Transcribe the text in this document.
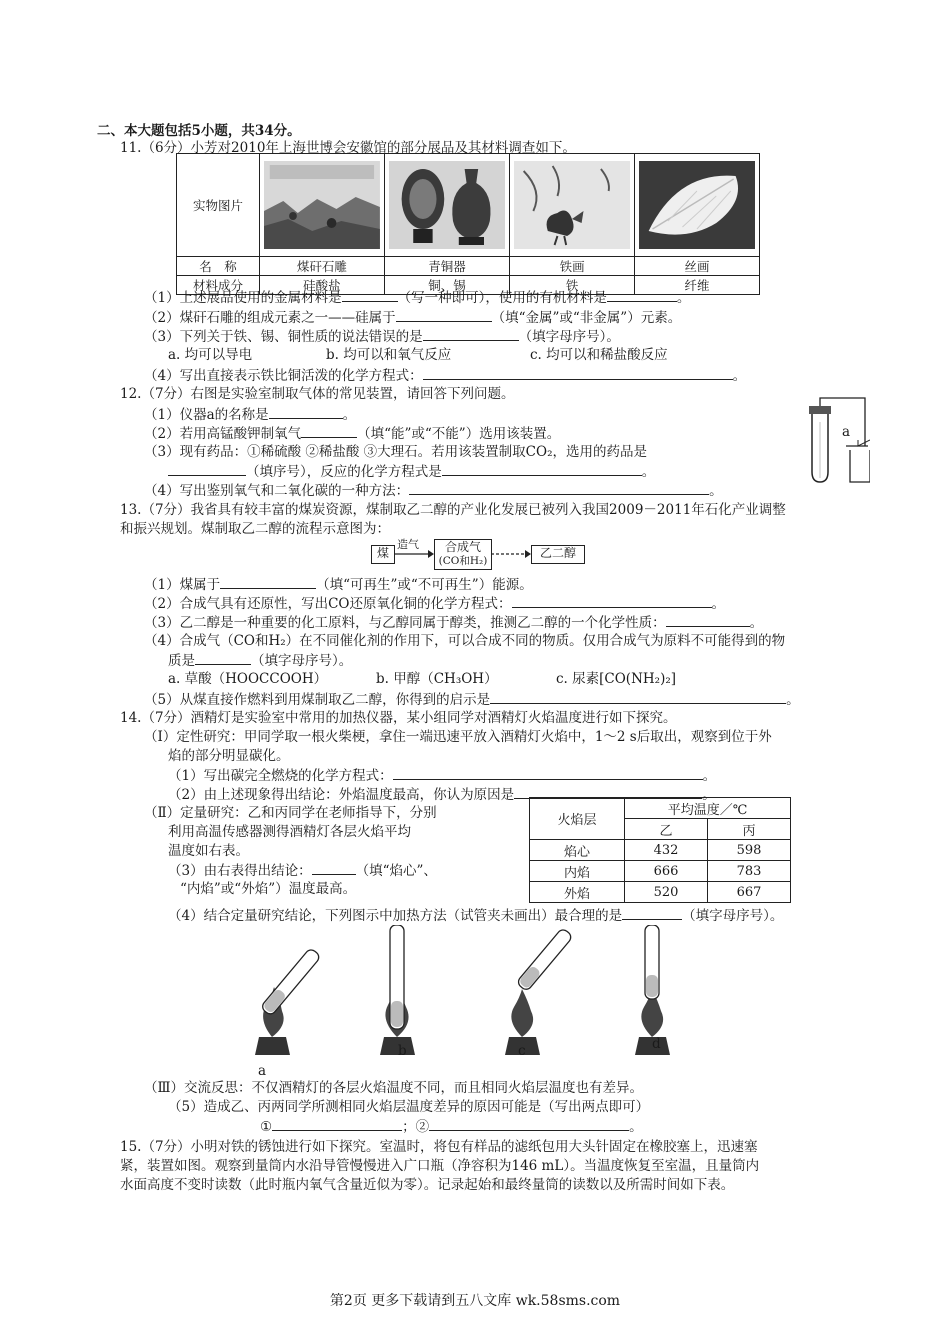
二、本大题包括5小题，共34分。
11.（6分）小芳对2010年上海世博会安徽馆的部分展品及其材料调查如下。
实物图片	

名　称	煤矸石雕	青铜器	铁画	丝画
材料成分	硅酸盐	铜、锡	铁	纤维
（1）上述展品使用的金属材料是	（写一种即可），使用的有机材料是	。
（2）煤矸石雕的组成元素之一——硅属于	（填“金属”或“非金属”）元素。
（3）下列关于铁、锡、铜性质的说法错误的是	（填字母序号）。
a. 均可以导电	b. 均可以和氧气反应	c. 均可以和稀盐酸反应
（4）写出直接表示铁比铜活泼的化学方程式：	。
12.（7分）右图是实验室制取气体的常见装置，请回答下列问题。
（1）仪器a的名称是	。
（2）若用高锰酸钾制氧气	（填“能”或“不能”）选用该装置。
（3）现有药品：①稀硫酸 ②稀盐酸 ③大理石。若用该装置制取CO₂，选用的药品是
（填序号），反应的化学方程式是	。
（4）写出鉴别氧气和二氧化碳的一种方法：	。
a
13.（7分）我省具有较丰富的煤炭资源，煤制取乙二醇的产业化发展已被列入我国2009－2011年石化产业调整
和振兴规划。煤制取乙二醇的流程示意图为：
煤
造气	合成气
(CO和H₂)
乙二醇
（1）煤属于	（填“可再生”或“不可再生”）能源。
（2）合成气具有还原性，写出CO还原氧化铜的化学方程式：	。
（3）乙二醇是一种重要的化工原料，与乙醇同属于醇类，推测乙二醇的一个化学性质：	。
（4）合成气（CO和H₂）在不同催化剂的作用下，可以合成不同的物质。仅用合成气为原料不可能得到的物
质是	（填字母序号）。
a. 草酸（HOOCCOOH）	b. 甲醇（CH₃OH）	c. 尿素[CO(NH₂)₂]
（5）从煤直接作燃料到用煤制取乙二醇，你得到的启示是	。
14.（7分）酒精灯是实验室中常用的加热仪器，某小组同学对酒精灯火焰温度进行如下探究。
（Ⅰ）定性研究：甲同学取一根火柴梗，拿住一端迅速平放入酒精灯火焰中，1～2 s后取出，观察到位于外
焰的部分明显碳化。
（1）写出碳完全燃烧的化学方程式：	。
（2）由上述现象得出结论：外焰温度最高，你认为原因是	。
（Ⅱ）定量研究：乙和丙同学在老师指导下，分别
利用高温传感器测得酒精灯各层火焰平均
温度如右表。
（3）由右表得出结论：	（填“焰心”、
“内焰”或“外焰”）温度最高。
火焰层	平均温度／℃	
	乙	丙
焰心	432	598
内焰	666	783
外焰	520	667
（4）结合定量研究结论，下列图示中加热方法（试管夹未画出）最合理的是	（填字母序号）。
a
b	c	d
（Ⅲ）交流反思：不仅酒精灯的各层火焰温度不同，而且相同火焰层温度也有差异。
（5）造成乙、丙两同学所测相同火焰层温度差异的原因可能是（写出两点即可）
①	；②	。
15.（7分）小明对铁的锈蚀进行如下探究。室温时，将包有样品的滤纸包用大头针固定在橡胶塞上，迅速塞
紧，装置如图。观察到量筒内水沿导管慢慢进入广口瓶（净容积为146 mL）。当温度恢复至室温，且量筒内
水面高度不变时读数（此时瓶内氧气含量近似为零）。记录起始和最终量筒的读数以及所需时间如下表。
第2页 更多下载请到五八文库 wk.58sms.com
